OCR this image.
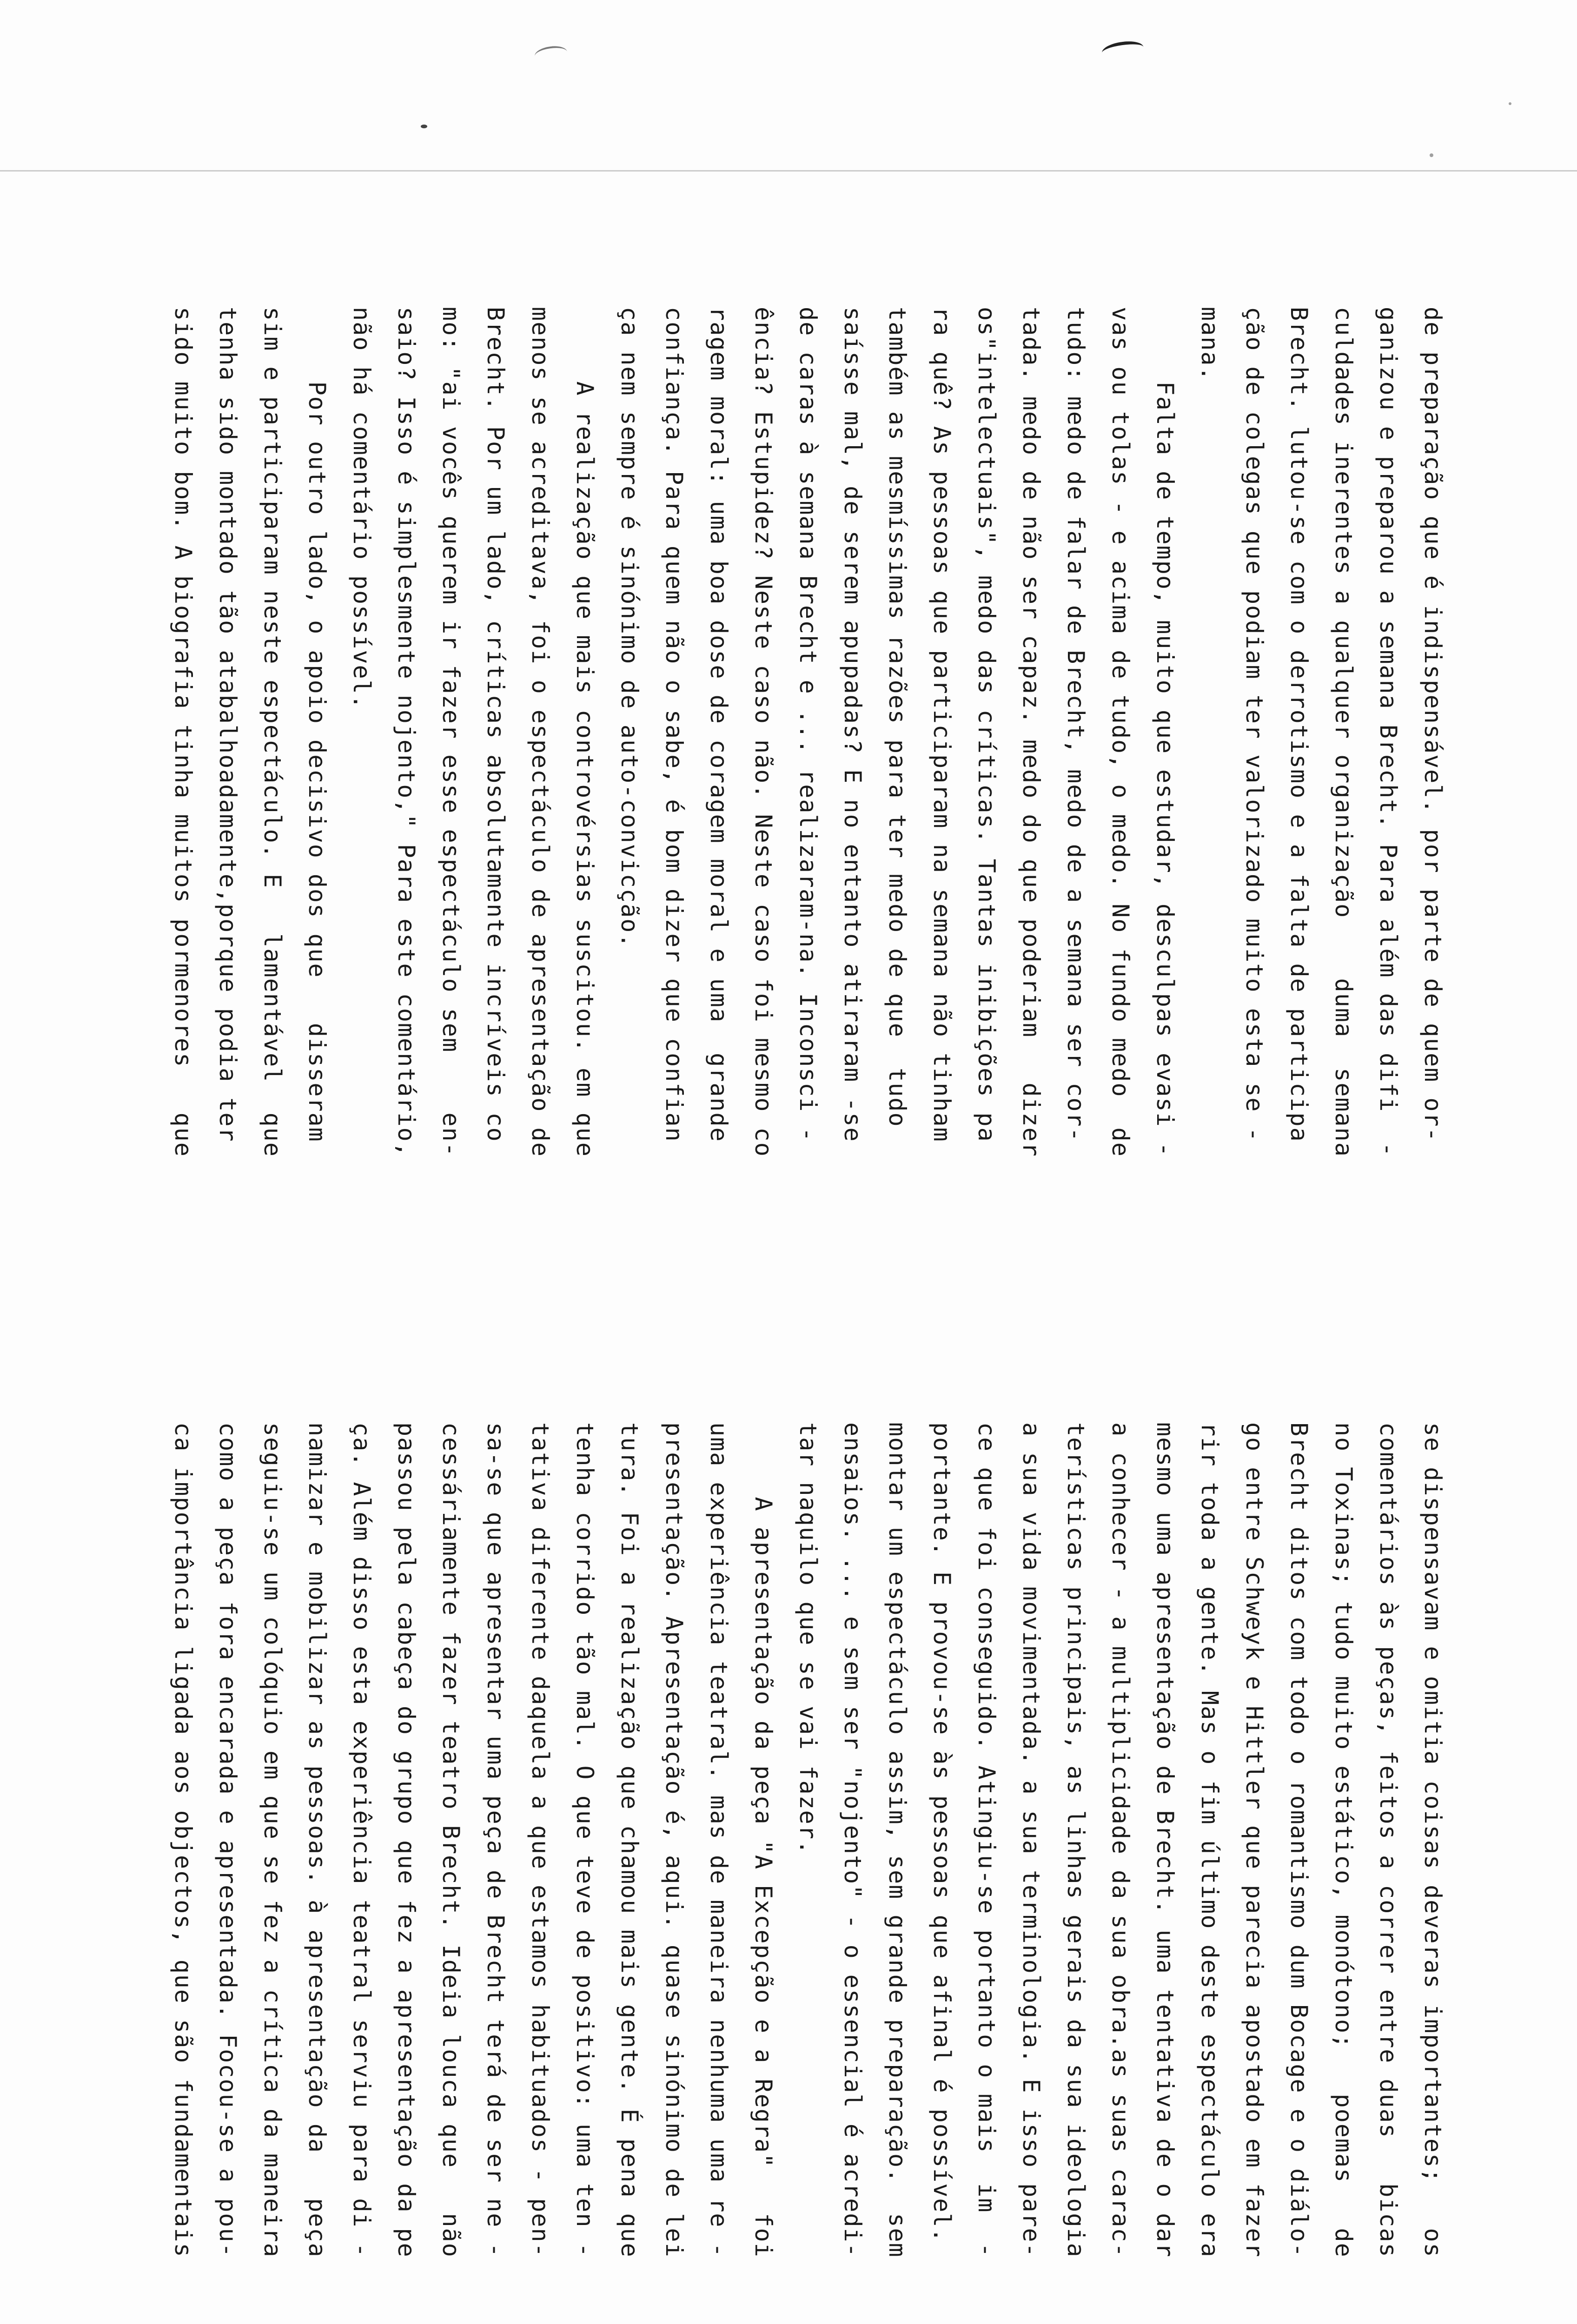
de preparação que é indispensável. por parte de quem or-

ganizou e preparou a semana Brecht. Para além das difi  -

culdades inerentes a qualquer organização    duma  semana

Brecht. lutou-se com o derrotismo e a falta de participa

ção de colegas que podiam ter valorizado muito esta se -

mana.

Falta de tempo, muito que estudar, desculpas evasi -

vas ou tolas - e acima de tudo, o medo. No fundo medo  de

tudo: medo de falar de Brecht, medo de a semana ser cor-

tada. medo de não ser capaz. medo do que poderiam   dizer

os"intelectuais", medo das críticas. Tantas inibições pa

ra quê? As pessoas que participaram na semana não tinham

também as mesmíssimas razões para ter medo de que  tudo

saísse mal, de serem apupadas? E no entanto atiraram -se

de caras à semana Brecht e ... realizaram-na. Inconsci -

ência? Estupidez? Neste caso não. Neste caso foi mesmo co

ragem moral: uma boa dose de coragem moral e uma  grande

confiança. Para quem não o sabe, é bom dizer que confian

ça nem sempre é sinónimo de auto-convicção.

A realização que mais controvérsias suscitou. em que

menos se acreditava, foi o espectáculo de apresentação de

Brecht. Por um lado, críticas absolutamente incríveis co

mo: "ai vocês querem ir fazer esse espectáculo sem    en-

saio? Isso é simplesmente nojento," Para este comentário,

não há comentário possível.

Por outro lado, o apoio decisivo dos que   disseram

sim e participaram neste espectáculo. E   lamentável  que

tenha sido montado tão atabalhoadamente,porque podia ter

sido muito bom. A biografia tinha muitos pormenores   que

se dispensavam e omitia coisas deveras importantes;   os

comentários às peças, feitos a correr entre duas   bicas

no Toxinas; tudo muito estático, monótono;   poemas   de

Brecht ditos com todo o romantismo dum Bocage e o diálo-

go entre Schweyk e Hittler que parecia apostado em fazer

rir toda a gente. Mas o fim último deste espectáculo era

mesmo uma apresentação de Brecht. uma tentativa de o dar

a conhecer - a multiplicidade da sua obra.as suas carac-

terísticas principais, as linhas gerais da sua ideologia

a sua vida movimentada. a sua terminologia. E isso pare-

ce que foi conseguido. Atingiu-se portanto o mais  im  -

portante. E provou-se às pessoas que afinal é possível.

montar um espectáculo assim, sem grande preparação.  sem

ensaios. ... e sem ser "nojento" - o essencial é acredi-

tar naquilo que se vai fazer.

A apresentação da peça "A Excepção e a Regra"   foi

uma experiência teatral. mas de maneira nenhuma uma re -

presentação. Apresentação é, aqui. quase sinónimo de lei

tura. Foi a realização que chamou mais gente. É pena que

tenha corrido tão mal. O que teve de positivo: uma ten -

tativa diferente daquela a que estamos habituados - pen-

sa-se que apresentar uma peça de Brecht terá de ser ne -

cessáriamente fazer teatro Brecht. Ideia louca que   não

passou pela cabeça do grupo que fez a apresentação da pe

ça. Além disso esta experiência teatral serviu para di -

namizar e mobilizar as pessoas. à apresentação da   peça

seguiu-se um colóquio em que se fez a crítica da maneira

como a peça fora encarada e apresentada. Focou-se a pou-

ca importância ligada aos objectos, que são fundamentais
